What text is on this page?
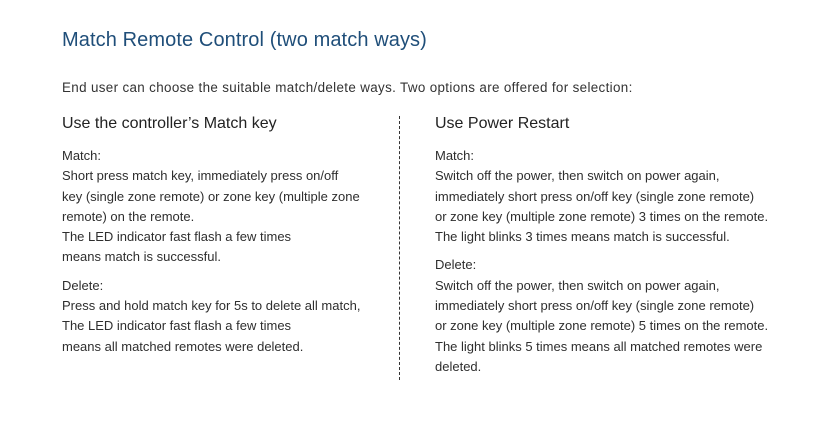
Match Remote Control (two match ways)
End user can choose the suitable match/delete ways. Two options are offered for selection:
Use the controller’s Match key
Match:
Short press match key, immediately press on/off
key (single zone remote) or zone key (multiple zone
remote) on the remote.
The LED indicator fast flash a few times
means match is successful.
Delete:
Press and hold match key for 5s to delete all match,
The LED indicator fast flash a few times
means all matched remotes were deleted.
Use Power Restart
Match:
Switch off the power, then switch on power again,
immediately short press on/off key (single zone remote)
or zone key (multiple zone remote) 3 times on the remote.
The light blinks 3 times means match is successful.
Delete:
Switch off the power, then switch on power again,
immediately short press on/off key (single zone remote)
or zone key (multiple zone remote) 5 times on the remote.
The light blinks 5 times means all matched remotes were
deleted.
